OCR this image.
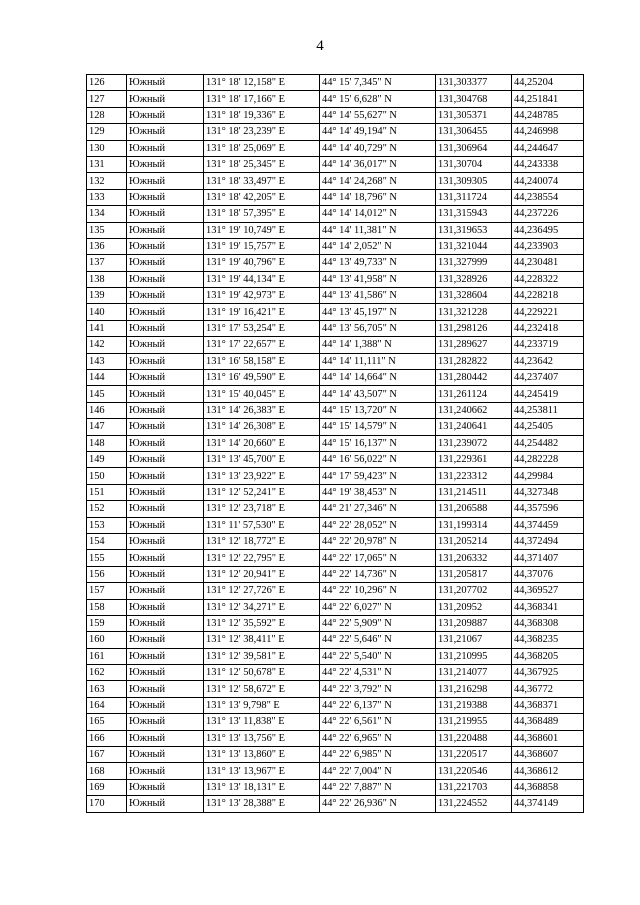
4
126	Южный	131° 18' 12,158" E	44° 15' 7,345" N	131,303377	44,25204
127	Южный	131° 18' 17,166" E	44° 15' 6,628" N	131,304768	44,251841
128	Южный	131° 18' 19,336" E	44° 14' 55,627" N	131,305371	44,248785
129	Южный	131° 18' 23,239" E	44° 14' 49,194" N	131,306455	44,246998
130	Южный	131° 18' 25,069" E	44° 14' 40,729" N	131,306964	44,244647
131	Южный	131° 18' 25,345" E	44° 14' 36,017" N	131,30704	44,243338
132	Южный	131° 18' 33,497" E	44° 14' 24,268" N	131,309305	44,240074
133	Южный	131° 18' 42,205" E	44° 14' 18,796" N	131,311724	44,238554
134	Южный	131° 18' 57,395" E	44° 14' 14,012" N	131,315943	44,237226
135	Южный	131° 19' 10,749" E	44° 14' 11,381" N	131,319653	44,236495
136	Южный	131° 19' 15,757" E	44° 14' 2,052" N	131,321044	44,233903
137	Южный	131° 19' 40,796" E	44° 13' 49,733" N	131,327999	44,230481
138	Южный	131° 19' 44,134" E	44° 13' 41,958" N	131,328926	44,228322
139	Южный	131° 19' 42,973" E	44° 13' 41,586" N	131,328604	44,228218
140	Южный	131° 19' 16,421" E	44° 13' 45,197" N	131,321228	44,229221
141	Южный	131° 17' 53,254" E	44° 13' 56,705" N	131,298126	44,232418
142	Южный	131° 17' 22,657" E	44° 14' 1,388" N	131,289627	44,233719
143	Южный	131° 16' 58,158" E	44° 14' 11,111" N	131,282822	44,23642
144	Южный	131° 16' 49,590" E	44° 14' 14,664" N	131,280442	44,237407
145	Южный	131° 15' 40,045" E	44° 14' 43,507" N	131,261124	44,245419
146	Южный	131° 14' 26,383" E	44° 15' 13,720" N	131,240662	44,253811
147	Южный	131° 14' 26,308" E	44° 15' 14,579" N	131,240641	44,25405
148	Южный	131° 14' 20,660" E	44° 15' 16,137" N	131,239072	44,254482
149	Южный	131° 13' 45,700" E	44° 16' 56,022" N	131,229361	44,282228
150	Южный	131° 13' 23,922" E	44° 17' 59,423" N	131,223312	44,29984
151	Южный	131° 12' 52,241" E	44° 19' 38,453" N	131,214511	44,327348
152	Южный	131° 12' 23,718" E	44° 21' 27,346" N	131,206588	44,357596
153	Южный	131° 11' 57,530" E	44° 22' 28,052" N	131,199314	44,374459
154	Южный	131° 12' 18,772" E	44° 22' 20,978" N	131,205214	44,372494
155	Южный	131° 12' 22,795" E	44° 22' 17,065" N	131,206332	44,371407
156	Южный	131° 12' 20,941" E	44° 22' 14,736" N	131,205817	44,37076
157	Южный	131° 12' 27,726" E	44° 22' 10,296" N	131,207702	44,369527
158	Южный	131° 12' 34,271" E	44° 22' 6,027" N	131,20952	44,368341
159	Южный	131° 12' 35,592" E	44° 22' 5,909" N	131,209887	44,368308
160	Южный	131° 12' 38,411" E	44° 22' 5,646" N	131,21067	44,368235
161	Южный	131° 12' 39,581" E	44° 22' 5,540" N	131,210995	44,368205
162	Южный	131° 12' 50,678" E	44° 22' 4,531" N	131,214077	44,367925
163	Южный	131° 12' 58,672" E	44° 22' 3,792" N	131,216298	44,36772
164	Южный	131° 13' 9,798" E	44° 22' 6,137" N	131,219388	44,368371
165	Южный	131° 13' 11,838" E	44° 22' 6,561" N	131,219955	44,368489
166	Южный	131° 13' 13,756" E	44° 22' 6,965" N	131,220488	44,368601
167	Южный	131° 13' 13,860" E	44° 22' 6,985" N	131,220517	44,368607
168	Южный	131° 13' 13,967" E	44° 22' 7,004" N	131,220546	44,368612
169	Южный	131° 13' 18,131" E	44° 22' 7,887" N	131,221703	44,368858
170	Южный	131° 13' 28,388" E	44° 22' 26,936" N	131,224552	44,374149
